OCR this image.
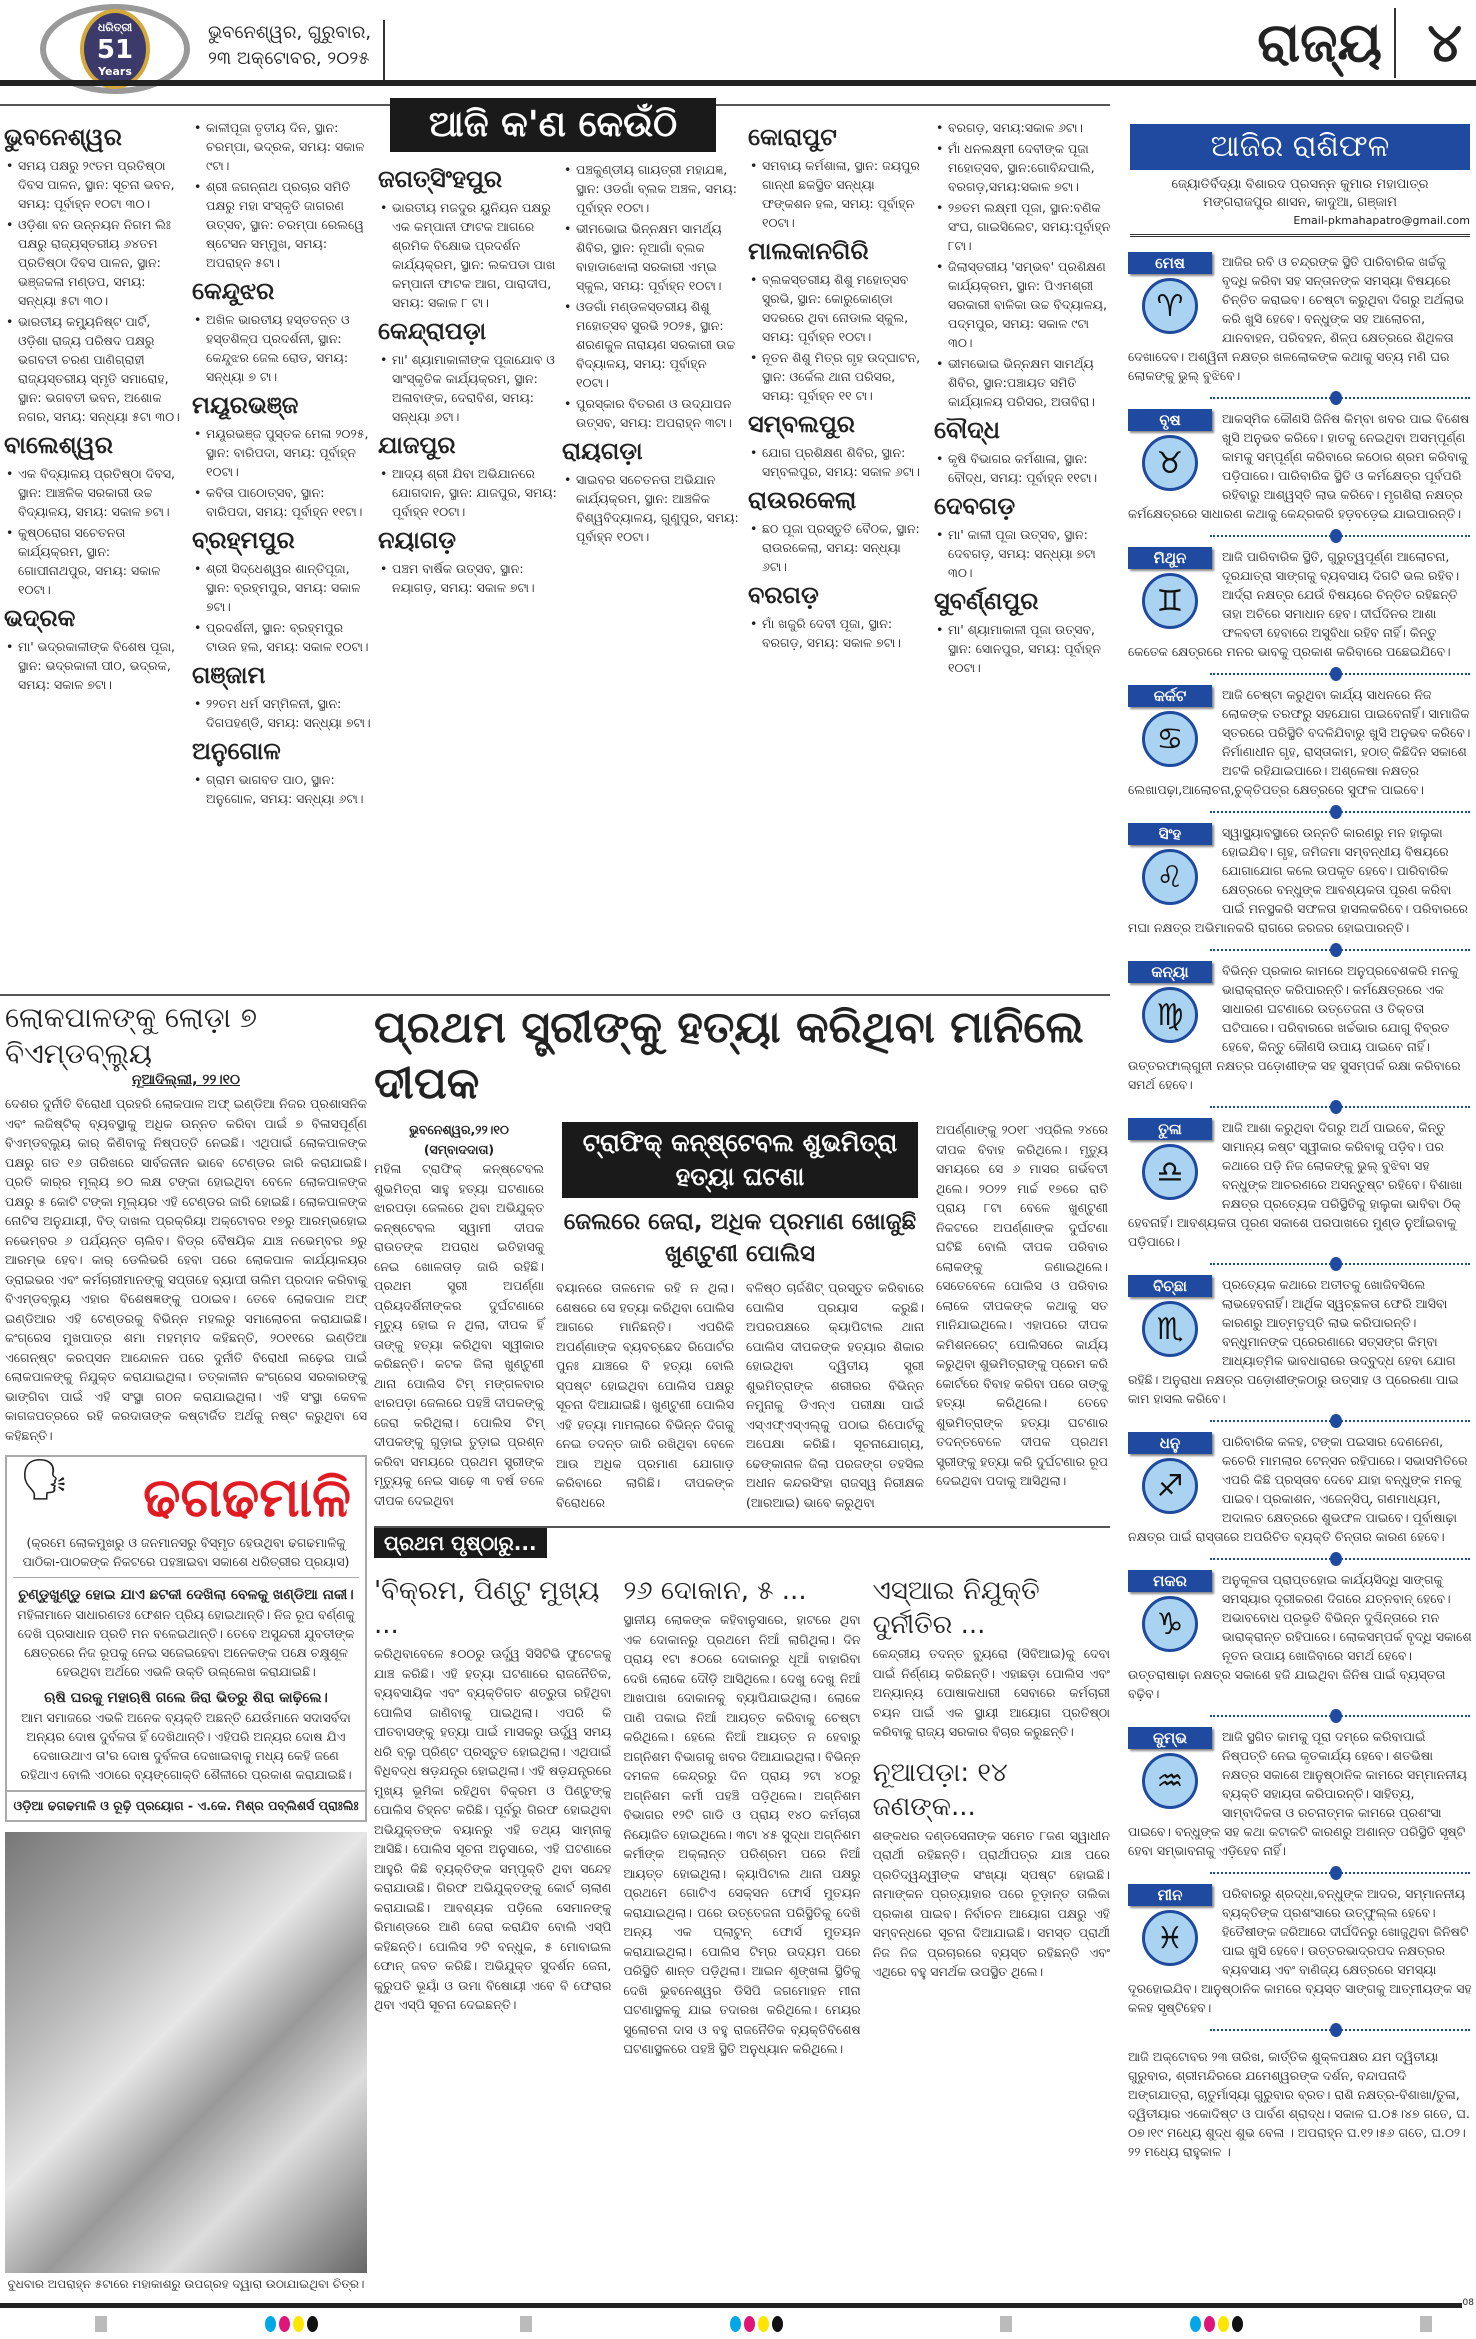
ଧରିତ୍ରୀ
51
Years
ଭୁବନେଶ୍ୱର, ଗୁରୁବାର,
୨୩ ଅକ୍ଟୋବର, ୨୦୨୫	ରାଜ୍ୟ ୪
ଆଜି କ'ଣ କେଉଁଠି
ଭୁବନେଶ୍ୱର
• ସମୟ ପକ୍ଷରୁ ୨୯ତମ ପ୍ରତିଷ୍ଠା ଦିବସ ପାଳନ, ସ୍ଥାନ: ସୂଚନା ଭବନ, ସମୟ: ପୂର୍ବାହ୍ନ ୧୦ଟା ୩୦।
• ଓଡ଼ିଶା ବନ ଉନ୍ନୟନ ନିଗମ ଲିଃ ପକ୍ଷରୁ ରାଜ୍ୟସ୍ତରୀୟ ୬୪ତମ ପ୍ରତିଷ୍ଠା ଦିବସ ପାଳନ, ସ୍ଥାନ: ଭଞ୍ଜକଳା ମଣ୍ଡପ, ସମୟ: ସନ୍ଧ୍ୟା ୫ଟା ୩୦।
• ଭାରତୀୟ କମ୍ୟୁନିଷ୍ଟ ପାର୍ଟି, ଓଡ଼ିଶା ରାଜ୍ୟ ପରିଷଦ ପକ୍ଷରୁ ଭଗବତୀ ଚରଣ ପାଣିଗ୍ରାହୀ ରାଜ୍ୟସ୍ତରୀୟ ସ୍ମୃତି ସମାରୋହ, ସ୍ଥାନ: ଭଗବତୀ ଭବନ, ଅଶୋକ ନଗର, ସମୟ: ସନ୍ଧ୍ୟା ୫ଟା ୩୦।
ବାଲେଶ୍ୱର
• ଏକ ବିଦ୍ୟାଳୟ ପ୍ରତିଷ୍ଠା ଦିବସ, ସ୍ଥାନ: ଆଞ୍ଚଳିକ ସରକାରୀ ଉଚ୍ଚ ବିଦ୍ୟାଳୟ, ସମୟ: ସକାଳ ୭ଟା।
• କୁଷ୍ଠରୋଗ ସଚେତନତା କାର୍ଯ୍ୟକ୍ରମ, ସ୍ଥାନ: ଗୋପୀନାଥପୁର, ସମୟ: ସକାଳ ୧୦ଟା।
ଭଦ୍ରକ
• ମା' ଭଦ୍ରକାଳୀଙ୍କ ବିଶେଷ ପୂଜା, ସ୍ଥାନ: ଭଦ୍ରକାଳୀ ପୀଠ, ଭଦ୍ରକ, ସମୟ: ସକାଳ ୭ଟା।
• କାଳୀପୂଜା ତୃତୀୟ ଦିନ, ସ୍ଥାନ: ଚରମ୍ପା, ଭଦ୍ରକ, ସମୟ: ସକାଳ ୯ଟା।
• ଶ୍ରୀ ଜଗନ୍ନାଥ ପ୍ରଚାର ସମିତି ପକ୍ଷରୁ ମହା ସଂସ୍କୃତି ଜାଗରଣ ଉତ୍ସବ, ସ୍ଥାନ: ଚରମ୍ପା ରେଲୱେ ଷ୍ଟେସନ ସମ୍ମୁଖ, ସମୟ: ଅପରାହ୍ନ ୫ଟା।
କେନ୍ଦୁଝର
• ଅଖିଳ ଭାରତୀୟ ହସ୍ତତନ୍ତ ଓ ହସ୍ତଶିଳ୍ପ ପ୍ରଦର୍ଶନୀ, ସ୍ଥାନ: କେନ୍ଦୁଝର ଜେଲ ରୋଡ, ସମୟ: ସନ୍ଧ୍ୟା ୭ ଟା।
ମୟୂରଭଞ୍ଜ
• ମୟୂରଭଞ୍ଜ ପୁସ୍ତକ ମେଳା ୨୦୨୫, ସ୍ଥାନ: ବାରିପଦା, ସମୟ: ପୂର୍ବାହ୍ନ ୧୦ଟା।
• କବିତା ପାଠୋତ୍ସବ, ସ୍ଥାନ: ବାରିପଦା, ସମୟ: ପୂର୍ବାହ୍ନ ୧୧ଟା।
ବ୍ରହ୍ମପୁର
• ଶ୍ରୀ ସିଦ୍ଧେଶ୍ୱର ଶାନ୍ତିପୂଜା, ସ୍ଥାନ: ବ୍ରହ୍ମପୁର, ସମୟ: ସକାଳ ୭ଟା।
• ପ୍ରଦର୍ଶନୀ, ସ୍ଥାନ: ବ୍ରହ୍ମପୁର ଟାଉନ ହଲ, ସମୟ: ସକାଳ ୧୦ଟା।
ଗଞ୍ଜାମ
• ୨୨ତମ ଧର୍ମ ସମ୍ମିଳନୀ, ସ୍ଥାନ: ଦିଗପହଣ୍ଡି, ସମୟ: ସନ୍ଧ୍ୟା ୭ଟା।
ଅନୁଗୋଳ
• ଗ୍ରାମ ଭାଗବତ ପାଠ, ସ୍ଥାନ: ଅନୁଗୋଳ, ସମୟ: ସନ୍ଧ୍ୟା ୬ଟା।
ଜଗତ୍‌ସିଂହପୁର
• ଭାରତୀୟ ମଜଦୁର ୟୁନିୟନ ପକ୍ଷରୁ ଏକ କମ୍ପାନୀ ଫାଟକ ଆଗରେ ଶ୍ରମିକ ବିକ୍ଷୋଭ ପ୍ରଦର୍ଶନ କାର୍ଯ୍ୟକ୍ରମ, ସ୍ଥାନ: ଲକପଡା ପାଖ କମ୍ପାନୀ ଫାଟକ ଆଗ, ପାରାଦୀପ, ସମୟ: ସକାଳ ୮ ଟା।
କେନ୍ଦ୍ରାପଡ଼ା
• ମା' ଶ୍ୟାମାକାଳୀଙ୍କ ପୂଜାଯୋବ ଓ ସାଂସ୍କୃତିକ କାର୍ଯ୍ୟକ୍ରମ, ସ୍ଥାନ: ଅଳାବାଙ୍କ, ଦେରାବିଶ, ସମୟ: ସନ୍ଧ୍ୟା ୬ଟା।
ଯାଜପୁର
• ଆଦ୍ୟ ଶ୍ରୀ ଯିବା ଅଭିଯାନରେ ଯୋଗଦାନ, ସ୍ଥାନ: ଯାଜପୁର, ସମୟ: ପୂର୍ବାହ୍ନ ୧୦ଟା।
ନୟାଗଡ଼
• ପଞ୍ଚମ ବାର୍ଷିକ ଉତ୍ସବ, ସ୍ଥାନ: ନୟାଗଡ଼, ସମୟ: ସକାଳ ୭ଟା।
• ପଞ୍ଚକୁଣ୍ଡୀୟ ଗାୟତ୍ରୀ ମହାଯଜ୍ଞ, ସ୍ଥାନ: ଓଡଗାଁ ବ୍ଲକ ଅଞ୍ଚଳ, ସମୟ: ପୂର୍ବାହ୍ନ ୧୦ଟା।
• ଭୀମଭୋଇ ଭିନ୍ନକ୍ଷମ ସାମର୍ଥ୍ୟ ଶିବିର, ସ୍ଥାନ: ନୂଆଗାଁ ବ୍ଲକ ବାହାଡାଝୋଲା ସରକାରୀ ଏମ୍ଇ ସ୍କୁଲ, ସମୟ: ପୂର୍ବାହ୍ନ ୧୦ଟା।
• ଓଡଗାଁ ମଣ୍ଡଳସ୍ତରୀୟ ଶିଶୁ ମହୋତ୍ସବ ସୁରଭି ୨୦୨୫, ସ୍ଥାନ: ଶରଣକୁଳ ନାରାୟଣ ସରକାରୀ ଉଚ୍ଚ ବିଦ୍ୟାଳୟ, ସମୟ: ପୂର୍ବାହ୍ନ ୧୦ଟା।
• ପୁରସ୍କାର ବିତରଣ ଓ ଉଦ୍‌ଯାପନ ଉତ୍ସବ, ସମୟ: ଅପରାହ୍ନ ୩ଟା।
ରାୟଗଡ଼ା
• ସାଇବର ସଚେତନତା ଅଭିଯାନ କାର୍ଯ୍ୟକ୍ରମ, ସ୍ଥାନ: ଆଞ୍ଚଳିକ ବିଶ୍ୱବିଦ୍ୟାଳୟ, ଗୁଣୁପୁର, ସମୟ: ପୂର୍ବାହ୍ନ ୧୦ଟା।
କୋରାପୁଟ
• ସମବାୟ କର୍ମଶାଳା, ସ୍ଥାନ: ଜୟପୁର ଗାନ୍ଧୀ ଛକସ୍ଥିତ ସନ୍ଧ୍ୟା ଫଙ୍କଶନ ହଲ, ସମୟ: ପୂର୍ବାହ୍ନ ୧୦ଟା।
ମାଲକାନଗିରି
• ବ୍ଲକସ୍ତରୀୟ ଶିଶୁ ମହୋତ୍ସବ ସୁରଭି, ସ୍ଥାନ: କୋରୁକୋଣ୍ଡା ସଦରରେ ଥିବା ନୋଡାଲ ସ୍କୁଲ, ସମୟ: ପୂର୍ବାହ୍ନ ୧୦ଟା।
• ନୂତନ ଶିଶୁ ମିତ୍ର ଗୃହ ଉଦ୍‌ଘାଟନ, ସ୍ଥାନ: ଓର୍କେଲ ଥାନା ପରିସର, ସମୟ: ପୂର୍ବାହ୍ନ ୧୧ ଟା।
ସମ୍ବଲପୁର
• ଯୋଗ ପ୍ରଶିକ୍ଷଣ ଶିବିର, ସ୍ଥାନ: ସମ୍ବଲପୁର, ସମୟ: ସକାଳ ୬ଟା।
ରାଉରକେଲା
• ଛଠ ପୂଜା ପ୍ରସ୍ତୁତି ବୈଠକ, ସ୍ଥାନ: ରାଉରକେଲା, ସମୟ: ସନ୍ଧ୍ୟା ୬ଟା।
ବରଗଡ଼
• ମାଁ ଖଜୁରି ଦେବୀ ପୂଜା, ସ୍ଥାନ: ବରଗଡ଼, ସମୟ: ସକାଳ ୭ଟା।
• ବରଗଡ଼, ସମୟ:ସକାଳ ୬ଟା।
• ମାଁ ଧନଲକ୍ଷ୍ମୀ ଦେବୀଙ୍କ ପୂଜା ମହୋତ୍ସବ, ସ୍ଥାନ:ଗୋବିନ୍ଦପାଲି, ବରଗଡ଼,ସମୟ:ସକାଳ ୭ଟା।
• ୨୭ତମ ଲକ୍ଷ୍ମୀ ପୂଜା, ସ୍ଥାନ:ବଣିକ ସଂଘ, ଗାଇସିଲେଟ, ସମୟ:ପୂର୍ବାହ୍ନ ୮ଟା।
• ଜିଲାସ୍ତରୀୟ 'ସମ୍ଭବ' ପ୍ରଶିକ୍ଷଣ କାର୍ଯ୍ୟକ୍ରମ, ସ୍ଥାନ: ପିଏମଶ୍ରୀ ସରକାରୀ ବାଳିକା ଉଚ୍ଚ ବିଦ୍ୟାଳୟ, ପଦ୍ମପୁର, ସମୟ: ସକାଳ ୯ଟା ୩୦।
• ଭୀମଭୋଇ ଭିନ୍ନକ୍ଷମ ସାମର୍ଥ୍ୟ ଶିବିର, ସ୍ଥାନ:ପଞ୍ଚାୟତ ସମିତି କାର୍ଯ୍ୟାଳୟ ପରିସର, ଅତାବିରା।
ବୌଦ୍ଧ
• କୃଷି ବିଭାଗର କର୍ମଶାଳା, ସ୍ଥାନ: ବୌଦ୍ଧ, ସମୟ: ପୂର୍ବାହ୍ନ ୧୧ଟା।
ଦେବଗଡ଼
• ମା' କାଳୀ ପୂଜା ଉତ୍ସବ, ସ୍ଥାନ: ଦେବଗଡ଼, ସମୟ: ସନ୍ଧ୍ୟା ୭ଟା ୩୦।
ସୁବର୍ଣ୍ଣପୁର
• ମା' ଶ୍ୟାମାକାଳୀ ପୂଜା ଉତ୍ସବ, ସ୍ଥାନ: ସୋନପୁର, ସମୟ: ପୂର୍ବାହ୍ନ ୧୦ଟା।
ଆଜିର ରାଶିଫଳ
ଜ୍ୟୋତିର୍ବିଦ୍ୟା ବିଶାରଦ ପ୍ରସନ୍ନ କୁମାର ମହାପାତ୍ର
ମଙ୍ଗରାଜପୁର ଶାସନ, କାଦୁଆ, ଗଞ୍ଜାମ
Email-pkmahapatro@gmail.com
ମେଷ
♈
ଆଜିର ରବି ଓ ଚନ୍ଦ୍ରଙ୍କ ସ୍ଥିତି ପାରିବାରିକ ଖର୍ଚ୍ଚକୁ ବୃଦ୍ଧି କରିବା ସହ ସନ୍ତାନଙ୍କ ସମସ୍ୟା ବିଷୟରେ ଚିନ୍ତିତ କରାଇବ। ଚେଷ୍ଟା କରୁଥିବା ଦିଗରୁ ଅର୍ଥଲାଭ କରି ଖୁସି ହେବେ। ବନ୍ଧୁଙ୍କ ସହ ଆଲୋଚନା, ଯାନବାହନ, ପରିବହନ, ଶିଳ୍ପ କ୍ଷେତ୍ରରେ ଶିଥିଳତା ଦେଖାଦେବ। ଅଶ୍ୱିନୀ ନକ୍ଷତ୍ର ଖଳଲୋକଙ୍କ କଥାକୁ ସତ୍ୟ ମଣି ଘର ଲୋକଙ୍କୁ ଭୁଲ୍ ବୁଝିବେ।
ବୃଷ
♉
ଆକସ୍ମିକ କୌଣସି ଜିନିଷ କିମ୍ବା ଖବର ପାଇ ବିଶେଷ ଖୁସି ଅନୁଭବ କରିବେ। ହାତକୁ ନେଇଥିବା ଅସମ୍ପୂର୍ଣ୍ଣ କାମକୁ ସମ୍ପୂର୍ଣ୍ଣ କରିବାରେ କଠୋର ଶ୍ରମ କରିବାକୁ ପଡ଼ିପାରେ। ପାରିବାରିକ ସ୍ଥିତି ଓ କର୍ମକ୍ଷେତ୍ର ପୂର୍ବପରି ରହିବାରୁ ଆଶ୍ୱସ୍ତି ଲାଭ କରିବେ। ମୃଗଶିରା ନକ୍ଷତ୍ର କର୍ମକ୍ଷେତ୍ରରେ ସାଧାରଣ କଥାକୁ କେନ୍ଦ୍ରକରି ହଡ଼ବଡ଼େଇ ଯାଇପାରନ୍ତି।
ମିଥୁନ
♊
ଆଜି ପାରିବାରିକ ସ୍ଥିତି, ଗୁରୁତ୍ୱପୂର୍ଣ୍ଣ ଆଲୋଚନା, ଦୂରଯାତ୍ରା ସାଙ୍ଗକୁ ବ୍ୟବସାୟ ଦିଗଟି ଭଲ ରହିବ। ଆର୍ଦ୍ରା ନକ୍ଷତ୍ର ଯେଉଁ ବିଷୟରେ ଚିନ୍ତିତ ରହିଛନ୍ତି ତାହା ଅଚିରେ ସମାଧାନ ହେବ। ଦୀର୍ଘଦିନର ଆଶା ଫଳବତୀ ହେବାରେ ଅସୁବିଧା ରହିବ ନାହିଁ। କିନ୍ତୁ କେତେକ କ୍ଷେତ୍ରରେ ମନର ଭାବକୁ ପ୍ରକାଶ କରିବାରେ ପଛେଇଯିବେ।
କର୍କଟ
♋
ଆଜି ଚେଷ୍ଟା କରୁଥିବା କାର୍ଯ୍ୟ ସାଧନରେ ନିଜ ଲୋକଙ୍କ ତରଫରୁ ସହଯୋଗ ପାଇବେନାହିଁ। ସାମାଜିକ ସ୍ତରରେ ପରିସ୍ଥିତି ବଦଳିଯିବାରୁ ଖୁସି ଅନୁଭବ କରିବେ। ନିର୍ମାଣାଧୀନ ଗୃହ, ରାସ୍ତାକାମ, ହଠାତ୍ କିଛିଦିନ ସକାଶେ ଅଟକି ରହିଯାଇପାରେ। ଅଶ୍ଳେଷା ନକ୍ଷତ୍ର ଲେଖାପଢ଼ା,ଆଲୋଚନା,ଚୁକ୍ତିପତ୍ର କ୍ଷେତ୍ରରେ ସୁଫଳ ପାଇବେ।
ସିଂହ
♌
ସ୍ୱାସ୍ଥ୍ୟାବସ୍ଥାରେ ଉନ୍ନତି କାରଣରୁ ମନ ହାଲୁକା ହୋଇଯିବ। ଗୃହ, ଜମିଜମା ସମ୍ବନ୍ଧୀୟ ବିଷୟରେ ଯୋଗାଯୋଗ କଲେ ଉପକୃତ ହେବେ। ପାରିବାରିକ କ୍ଷେତ୍ରରେ ବନ୍ଧୁଙ୍କ ଆବଶ୍ୟକତା ପୂରଣ କରିବା ପାଇଁ ମନସ୍ଥକରି ସଫଳତା ହାସଲକରିବେ। ପରିବାରରେ ମଘା ନକ୍ଷତ୍ର ଅଭିମାନକରି ରାଗରେ ଜରଜର ହୋଇପାରନ୍ତି।
କନ୍ୟା
♍
ବିଭିନ୍ନ ପ୍ରକାର କାମରେ ଅନୁପ୍ରବେଶକରି ମନକୁ ଭାରାକ୍ରାନ୍ତ କରିପାରନ୍ତି। କର୍ମକ୍ଷେତ୍ରରେ ଏକ ସାଧାରଣ ଘଟଣାରେ ଉତ୍ତେଜନା ଓ ତିକ୍ତତା ଘଟିପାରେ। ପରିବାରରେ ଖର୍ଚ୍ଚଭାର ଯୋଗୁ ବିବ୍ରତ ହେବେ, କିନ୍ତୁ କୌଣସି ଉପାୟ ପାଇବେ ନାହିଁ। ଉତ୍ତରଫାଲ୍‌ଗୁନୀ ନକ୍ଷତ୍ର ପଡ଼ୋଶୀଙ୍କ ସହ ସୁସମ୍ପର୍କ ରକ୍ଷା କରିବାରେ ସମର୍ଥ ହେବେ।
ତୁଳା
♎
ଆଜି ଆଶା କରୁଥିବା ଦିଗରୁ ଅର୍ଥ ପାଇବେ, କିନ୍ତୁ ସାମାନ୍ୟ କଷ୍ଟ ସ୍ୱୀକାର କରିବାକୁ ପଡ଼ିବ। ପର କଥାରେ ପଡ଼ି ନିଜ ଲୋକଙ୍କୁ ଭୁଲ୍ ବୁଝିବା ସହ ବନ୍ଧୁଙ୍କ ଆଚରଣରେ ଅସନ୍ତୁଷ୍ଟ ରହିବେ। ବିଶାଖା ନକ୍ଷତ୍ର ପ୍ରତ୍ୟେକ ପରିସ୍ଥିତିକୁ ହାଲୁକା ଭାବିବା ଠିକ୍ ହେବନାହିଁ। ଆବଶ୍ୟକତା ପୂରଣ ସକାଶେ ପରପାଖରେ ମୁଣ୍ଡ ନୁଆଁଇବାକୁ ପଡ଼ିପାରେ।
ବିଚ୍ଛା
♏
ପ୍ରତ୍ୟେକ କଥାରେ ଅତୀତକୁ ଖୋଜିବସିଲେ ଲାଭହେବନାହିଁ। ଆର୍ଥିକ ସ୍ୱଚ୍ଛଳତା ଫେରି ଆସିବା କାରଣରୁ ଆତ୍ମତୃପ୍ତି ଲାଭ କରିପାରନ୍ତି। ବନ୍ଧୁମାନଙ୍କ ପ୍ରେରଣାରେ ସତ୍‌ସଙ୍ଗ କିମ୍ବା ଆଧ୍ୟାତ୍ମିକ ଭାବଧାରାରେ ଉଦ୍‌ବୁଦ୍ଧ ହେବା ଯୋଗ ରହିଛି। ଅନୁରାଧା ନକ୍ଷତ୍ର ପଡ଼ୋଶୀଙ୍କଠାରୁ ଉତ୍ସାହ ଓ ପ୍ରେରଣା ପାଇ କାମ ହାସଲ କରିବେ।
ଧନୁ
♐
ପାରିବାରିକ କଳହ, ଟଙ୍କା ପଇସାର ଦେଣନେଣ, କଚେରି ମାମଲାର ଟେନ୍‌ସନ ରହିପାରେ। ସଭାସମିତିରେ ଏପରି କିଛି ପ୍ରସ୍ତାବ ଦେବେ ଯାହା ବନ୍ଧୁଙ୍କ ମନକୁ ପାଇବ। ପ୍ରକାଶନ, ଏଜେନ୍ସିପ୍, ଗଣମାଧ୍ୟମ, ଅଦାଲତ କ୍ଷେତ୍ରରେ ଶୁଭଫଳ ପାଇବେ। ପୂର୍ବାଷାଢ଼ା ନକ୍ଷତ୍ର ପାଇଁ ରାସ୍ତାରେ ଅପରିଚିତ ବ୍ୟକ୍ତି ଚିନ୍ତାର କାରଣ ହେବେ।
ମକର
♑
ଅନୁକୂଳତା ପ୍ରାପ୍ତହୋଇ କାର୍ଯ୍ୟସିଦ୍ଧି ସାଙ୍ଗକୁ ସମସ୍ୟାର ଦୂରୀକରଣ ଦିଗରେ ଯତ୍ନବାନ୍ ହେବେ। ଅଭାବବୋଧ ପ୍ରଭୃତି ବିଭିନ୍ନ ଦୁଶ୍ଚିନ୍ତାରେ ମନ ଭାରାକ୍ରାନ୍ତ ରହିପାରେ। ଲୋକସମ୍ପର୍କ ବୃଦ୍ଧି ସକାଶେ ନୂତନ ଉପାୟ ଖୋଜିବାରେ ସମର୍ଥ ହେବେ। ଉତ୍ତରାଷାଢ଼ା ନକ୍ଷତ୍ର ସକାଶେ ହଜି ଯାଇଥିବା ଜିନିଷ ପାଇଁ ବ୍ୟସ୍ତତା ବଢ଼ିବ।
କୁମ୍ଭ
♒
ଆଜି ସ୍ଥଗିତ କାମକୁ ପୂରା ଦମ୍‌ରେ କରିବାପାଇଁ ନିଷ୍ପତ୍ତି ନେଇ କୃତକାର୍ଯ୍ୟ ହେବେ। ଶତଭିଷା ନକ୍ଷତ୍ର ସକାଶେ ଆନୁଷ୍ଠାନିକ କାମରେ ସମ୍ମାନନୀୟ ବ୍ୟକ୍ତି ସହାୟତା କରିପାରନ୍ତି। ସାହିତ୍ୟ, ସାମ୍ବାଦିକତା ଓ ରଚନାତ୍ମକ କାମରେ ପ୍ରଶଂସା ପାଇବେ। ବନ୍ଧୁଙ୍କ ସହ କଥା କଟାକଟି କାରଣରୁ ଅଶାନ୍ତ ପରିସ୍ଥିତି ସୃଷ୍ଟି ହେବା ସମ୍ଭାବନାକୁ ଏଡ଼ିହେବ ନାହିଁ।
ମୀନ
♓
ପରିବାରରୁ ଶ୍ରଦ୍ଧା,ବନ୍ଧୁଙ୍କ ଆଦର, ସମ୍ମାନନୀୟ ବ୍ୟକ୍ତିଙ୍କ ପ୍ରଶଂସାରେ ଉତ୍‌ଫୁଲ୍ଲ ହେବେ। ହିତୈଷୀଙ୍କ ଜରିଆରେ ଦୀର୍ଘଦିନରୁ ଖୋଜୁଥିବା ଜିନିଷଟି ପାଇ ଖୁସି ହେବେ। ଉତ୍ତରଭାଦ୍ରପଦ ନକ୍ଷତ୍ରର ବ୍ୟବସାୟ ଏବଂ ବାଣିଜ୍ୟ କ୍ଷେତ୍ରରେ ସମସ୍ୟା ଦୂରହୋଇଯିବ। ଆନୁଷ୍ଠାନିକ କାମରେ ବ୍ୟସ୍ତ ସାଙ୍ଗକୁ ଆତ୍ମୀୟଙ୍କ ସହ କଳହ ସୃଷ୍ଟିହେବ।
ଆଜି ଅକ୍ଟୋବର ୨୩ ତାରିଖ, କାର୍ତ୍ତିକ ଶୁକ୍ଳପକ୍ଷର ଯମ ଦ୍ୱିତୀୟା ଗୁରୁବାର, ଶ୍ରୀମନ୍ଦିରରେ ଯମେଶ୍ୱରଙ୍କ ଦର୍ଶନ, ବନ୍ଦାପନାଦି ଅଙ୍ଗଯାତ୍ରା, ଚାତୁର୍ମାସ୍ୟା ଗୁରୁବାର ବ୍ରତ। ରାଶି ନକ୍ଷତ୍ର-ବିଶାଖା/ତୁଳା, ଦ୍ୱିତୀୟାର ଏକୋଦିଷ୍ଟ ଓ ପାର୍ବଣ ଶ୍ରାଦ୍ଧ। ସକାଳ ଘ.୦୫।୪୭ ଗତେ, ଘ. ୦୭।୧୯ ମଧ୍ୟେ ଶୁଦ୍ଧ ଶୁଭ ବେଳା । ଅପରାହ୍ନ ଘ.୧୨।୫୬ ଗତେ, ଘ.୦୨।୨୨ ମଧ୍ୟେ ରାହୁକାଳ ।
ଲୋକପାଳଙ୍କୁ ଲୋଡ଼ା ୭ ବିଏମ୍‌ଡବ୍ଲ୍ୟୁ
ନୂଆଦିଲ୍ଲୀ, ୨୨।୧୦

ଦେଶର ଦୁର୍ନୀତି ବିରୋଧୀ ପ୍ରହରି ଲୋକପାଳ ଅଫ୍ ଇଣ୍ଡିଆ ନିଜର ପ୍ରଶାସନିକ ଏବଂ ଲଜିଷ୍ଟିକ୍ ବ୍ୟବସ୍ଥାକୁ ଅଧିକ ଉନ୍ନତ କରିବା ପାଇଁ ୭ ବିଳାସପୂର୍ଣ୍ଣ ବିଏମ୍‌ଡବ୍ଲ୍ୟୁ କାର୍ କିଣିବାକୁ ନିଷ୍ପତ୍ତି ନେଇଛି। ଏଥିପାଇଁ ଲୋକପାଳଙ୍କ ପକ୍ଷରୁ ଗତ ୧୬ ତାରିଖରେ ସାର୍ବଜନୀନ ଭାବେ ଟେଣ୍ଡର ଜାରି କରାଯାଇଛି। ପ୍ରତି କାର୍‌ର ମୂଲ୍ୟ ୭୦ ଲକ୍ଷ ଟଙ୍କା ହୋଇଥିବା ବେଳେ ଲୋକପାଳଙ୍କ ପକ୍ଷରୁ ୫ କୋଟି ଟଙ୍କା ମୂଲ୍ୟର ଏହି ଟେଣ୍ଡର ଜାରି ହୋଇଛି। ଲୋକପାଳଙ୍କ ନୋଟିସ ଅନୁଯାୟୀ, ବିଡ୍ ଦାଖଲ ପ୍ରକ୍ରିୟା ଅକ୍ଟୋବର ୧୭ରୁ ଆରମ୍ଭହୋଇ ନଭେମ୍ବର ୬ ପର୍ଯ୍ୟନ୍ତ ଚାଲିବ। ବିଡ୍‌ର ବୈଷୟିକ ଯାଞ୍ଚ ନଭେମ୍ବର ୭ରୁ ଆରମ୍ଭ ହେବ। କାର୍ ଡେଲିଭରି ହେବା ପରେ ଲୋକପାଳ କାର୍ଯ୍ୟାଳୟର ଡ୍ରାଇଭର ଏବଂ କର୍ମଚାରୀମାନଙ୍କୁ ସପ୍ତାହେ ବ୍ୟାପୀ ତାଲିମ ପ୍ରଦାନ କରିବାକୁ ବିଏମ୍‌ଡବ୍ଲ୍ୟୁ ଏହାର ବିଶେଷଜ୍ଞଙ୍କୁ ପଠାଇବ। ତେବେ ଲୋକପାଳ ଅଫ୍ ଇଣ୍ଡିଆର ଏହି ଟେଣ୍ଡରକୁ ବିଭିନ୍ନ ମହଲରୁ ସମାଲୋଚନା କରାଯାଇଛି। କଂଗ୍ରେସ ମୁଖପାତ୍ର ଶମା ମହମ୍ମଦ କହିଛନ୍ତି, ୨୦୧୧ରେ ଇଣ୍ଡିଆ ଏଗେନ୍‌ଷ୍ଟ କରପ୍ସନ ଆନ୍ଦୋଳନ ପରେ ଦୁର୍ନୀତି ବିରୋଧୀ ଲଢ଼େଇ ପାଇଁ ଲୋକପାଳଙ୍କୁ ନିଯୁକ୍ତ କରାଯାଇଥିଲା। ତତ୍କାଳୀନ କଂଗ୍ରେସ ସରକାରଙ୍କୁ ଭାଙ୍ଗିବା ପାଇଁ ଏହି ସଂସ୍ଥା ଗଠନ କରାଯାଇଥିଲା। ଏହି ସଂସ୍ଥା କେବଳ କାଗଜପତ୍ରରେ ରହି କରଦାତାଙ୍କ କଷ୍ଟାର୍ଜିତ ଅର୍ଥକୁ ନଷ୍ଟ କରୁଥିବା ସେ କହିଛନ୍ତି।

🗣	ଢଗଢମାଳି
(କ୍ରମେ ଲୋକମୁଖରୁ ଓ ଜନମାନସରୁ ବିସ୍ମୃତ ହେଉଥିବା ଢଗଢମାଳିକୁ ପାଠିକା-ପାଠକଙ୍କ ନିକଟରେ ପହଞ୍ଚାଇବା ସକାଶେ ଧରିତ୍ରୀର ପ୍ରୟାସ)
ଚୁଣ୍ଡୁଖୁଣ୍ଡୁ ହୋଇ ଯାଏ ଛଟକୀ ଦେଖିଲା ବେଳକୁ ଖଣ୍ଡିଆ ନାକୀ।

ମହିଳାମାନେ ସାଧାରଣତଃ ଫେଶନ ପ୍ରିୟ ହୋଇଥାନ୍ତି। ନିଜ ରୂପ ବର୍ଣ୍ଣକୁ ଦେଖି ପ୍ରସାଧାନ ପ୍ରତି ମନ ବଳେଇଥାନ୍ତି। ତେବେ ଅସୁନ୍ଦରୀ ଯୁବତୀଙ୍କ କ୍ଷେତ୍ରରେ ନିଜ ରୂପକୁ ନେଇ ସଜେଇହେବା ଅନେକଙ୍କ ପକ୍ଷେ ଚକ୍ଷୁଶୂଳ ହେଉଥିବା ଅର୍ଥରେ ଏଭଳି ଉକ୍ତି ଉଲ୍ଲେଖ କରାଯାଇଛି।

ଋଷି ଘରକୁ ମହାଋଷି ଗଲେ ଜିରା ଭିତରୁ ଶିରା କାଢ଼ିଲେ।

ଆମ ସମାଜରେ ଏଭଳି ଅନେକ ବ୍ୟକ୍ତି ଅଛନ୍ତି ଯେଉଁମାନେ ସଦାସର୍ବଦା ଅନ୍ୟର ଦୋଷ ଦୁର୍ବଳତା ହିଁ ଦେଖିଥାନ୍ତି। ଏହିପରି ଅନ୍ୟର ଦୋଷ ଯିଏ ଦେଖାଉଥାଏ ତା'ର ଦୋଷ ଦୁର୍ବଳତା ଦେଖାଇବାକୁ ମଧ୍ୟ କେହି ଜଣେ ରହିଥାଏ ବୋଲି ଏଠାରେ ବ୍ୟଙ୍ଗୋକ୍ତି ଶୈଳୀରେ ପ୍ରକାଶ କରାଯାଇଛି।

ଓଡ଼ିଆ ଢଗଢମାଳି ଓ ରୂଢ଼ି ପ୍ରୟୋଗ - ଏ.କେ. ମିଶ୍ର ପବ୍ଲିଶର୍ସ ପ୍ରାଃଲିଃ
ବୁଧବାର ଅପରାହ୍ନ ୫ଟାରେ ମହାକାଶରୁ ଉପଗ୍ରହ ଦ୍ୱାରା ଉଠାଯାଇଥିବା ଚିତ୍ର।
ପ୍ରଥମ ସ୍ତ୍ରୀଙ୍କୁ ହତ୍ୟା କରିଥିବା ମାନିଲେ ଦୀପକ
ଭୁବନେଶ୍ୱର,୨୨।୧୦
(ସମ୍ବାଦଦାତା)

ମହିଳା ଟ୍ରାଫିକ୍ କନ୍‌ଷ୍ଟେବଲ ଶୁଭମିତ୍ରା ସାହୁ ହତ୍ୟା ଘଟଣାରେ ଝାରପଡ଼ା ଜେଲରେ ଥିବା ଅଭିଯୁକ୍ତ କନ୍‌ଷ୍ଟେବଲ ସ୍ୱାମୀ ଦୀପକ ରାଉତଙ୍କ ଅପରାଧ ଇତିହାସକୁ ନେଇ ଖୋଳତାଡ଼ ଜାରି ରହିଛି। ପ୍ରଥମ ସ୍ତ୍ରୀ ଅପର୍ଣ୍ଣା ପ୍ରିୟଦର୍ଶିନୀଙ୍କର ଦୁର୍ଘଟଣାରେ ମୃତ୍ୟୁ ହୋଇ ନ ଥିଲା, ଦୀପକ ହିଁ ତାଙ୍କୁ ହତ୍ୟା କରିଥିବା ସ୍ୱୀକାର କରିଛନ୍ତି। କଟକ ଜିଲା ଖୁଣ୍ଟୁଣୀ ଥାନା ପୋଲିସ ଟିମ୍ ମଙ୍ଗଳବାର ଝାରପଡ଼ା ଜେଲରେ ପହଞ୍ଚି ଦୀପକଙ୍କୁ ଜେରା କରିଥିଲା। ପୋଲିସ ଟିମ୍ ଦୀପକଙ୍କୁ ଗୁଡ଼ାଇ ତୁଡ଼ାଇ ପ୍ରଶ୍ନ କରିବା ସମୟରେ ପ୍ରଥମ ସ୍ତ୍ରୀଙ୍କ ମୃତ୍ୟୁକୁ ନେଇ ସାଢ଼େ ୩ ବର୍ଷ ତଳେ ଦୀପକ ଦେଇଥିବା

ଟ୍ରାଫିକ୍ କନ୍‌ଷ୍ଟେବଲ ଶୁଭମିତ୍ରା ହତ୍ୟା ଘଟଣା
ଜେଲରେ ଜେରା, ଅଧିକ ପ୍ରମାଣ ଖୋଜୁଛି ଖୁଣ୍ଟୁଣୀ ପୋଲିସ

ବୟାନରେ ତାଳମେଳ ରହି ନ ଥିଲା। ଶେଷରେ ସେ ହତ୍ୟା କରିଥିବା ପୋଲିସ ଆଗରେ ମାନିଛନ୍ତି। ଏପରିକି ଅପର୍ଣ୍ଣାଙ୍କ ବ୍ୟବଚ୍ଛେଦ ରିପୋର୍ଟର ପୁନଃ ଯାଞ୍ଚରେ ବି ହତ୍ୟା ବୋଲି ସ୍ପଷ୍ଟ ହୋଇଥିବା ପୋଲିସ ପକ୍ଷରୁ ସୂଚନା ଦିଆଯାଇଛି। ଖୁଣ୍ଟୁଣୀ ପୋଲିସ ଏହି ହତ୍ୟା ମାମଲାରେ ବିଭିନ୍ନ ଦିଗକୁ ନେଇ ତଦନ୍ତ ଜାରି ରଖିଥିବା ବେଳେ ଆଉ ଅଧିକ ପ୍ରମାଣ ଯୋଗାଡ଼ କରିବାରେ ଲାଗିଛି। ଦୀପକଙ୍କ ବିରୋଧରେ

ବଳିଷ୍ଠ ଚାର୍ଜଶିଟ୍ ପ୍ରସ୍ତୁତ କରିବାରେ ପୋଲିସ ପ୍ରୟାସ କରୁଛି। ଅପରପକ୍ଷରେ କ୍ୟାପିଟାଲ ଥାନା ପୋଲିସ ଦୀପକଙ୍କ ହତ୍ୟାର ଶିକାର ହୋଇଥିବା ଦ୍ୱିତୀୟ ସ୍ତ୍ରୀ ଶୁଭମିତ୍ରାଙ୍କ ଶରୀରର ବିଭିନ୍ନ ନମୁନାକୁ ଡିଏନ୍ଏ ପରୀକ୍ଷା ପାଇଁ ଏସ୍ଏଫ୍ଏସ୍ଏଲ୍‌କୁ ପଠାଇ ରିପୋର୍ଟକୁ ଅପେକ୍ଷା କରିଛି। ସୂଚନାଯୋଗ୍ୟ, ଢେଙ୍କାନାଳ ଜିଲା ପରଜଙ୍ଗ ତହସିଲ ଅଧୀନ କନ୍ଦରସିଂହା ରାଜସ୍ୱ ନିରୀକ୍ଷକ (ଆରଆଇ) ଭାବେ କରୁଥିବା

ଅପର୍ଣ୍ଣାଙ୍କୁ ୨୦୧୮ ଏପ୍ରିଲ ୨୪ରେ ଦୀପକ ବିବାହ କରିଥିଲେ। ମୃତ୍ୟୁ ସମୟରେ ସେ ୬ ମାସର ଗର୍ଭବତୀ ଥିଲେ। ୨୦୨୨ ମାର୍ଚ୍ଚ ୧୭ରେ ରାତି ପ୍ରାୟ ୮ଟା ବେଳେ ଖୁଣ୍ଟୁଣୀ ନିକଟରେ ଅପର୍ଣ୍ଣାଙ୍କ ଦୁର୍ଘଟଣା ଘଟିଛି ବୋଲି ଦୀପକ ପରିବାର ଲୋକଙ୍କୁ ଜଣାଇଥିଲେ। ସେତେବେଳେ ପୋଲିସ ଓ ପରିବାର ଲୋକେ ଦୀପକଙ୍କ କଥାକୁ ସତ ମାନିଯାଇଥିଲେ। ଏହାପରେ ଦୀପକ କମିଶନରେଟ୍ ପୋଲିସରେ କାର୍ଯ୍ୟ କରୁଥିବା ଶୁଭମିତ୍ରାଙ୍କୁ ପ୍ରେମ କରି କୋର୍ଟରେ ବିବାହ କରିବା ପରେ ତାଙ୍କୁ ହତ୍ୟା କରିଥିଲେ। ତେବେ ଶୁଭମିତ୍ରାଙ୍କ ହତ୍ୟା ଘଟଣାର ତଦନ୍ତବେଳେ ଦୀପକ ପ୍ରଥମ ସ୍ତ୍ରୀଙ୍କୁ ହତ୍ୟା କରି ଦୁର୍ଘଟଣାର ରୂପ ଦେଇଥିବା ପଦାକୁ ଆସିଥିଲା।

ପ୍ରଥମ ପୃଷ୍ଠାରୁ...
'ବିକ୍ରମ, ପିଣ୍ଟୁ ମୁଖ୍ୟ ...

କରିଥିବାବେଳେ ୫୦୦ରୁ ଊର୍ଦ୍ଧ୍ୱ ସିସିଟିଭି ଫୁଟେଜକୁ ଯାଞ୍ଚ କରିଛି। ଏହି ହତ୍ୟା ଘଟଣାରେ ରାଜନୈତିକ, ବ୍ୟବସାୟିକ ଏବଂ ବ୍ୟକ୍ତିଗତ ଶତ୍ରୁତା ରହିଥିବା ପୋଲିସ ଜାଣିବାକୁ ପାଇଥିଲା। ଏପରି କି ପୀତବାସଙ୍କୁ ହତ୍ୟା ପାଇଁ ମାସକରୁ ଊର୍ଦ୍ଧ୍ୱ ସମୟ ଧରି ବ୍ଲୁ ପ୍ରିଣ୍ଟ ପ୍ରସ୍ତୁତ ହୋଇଥିଲା। ଏଥିପାଇଁ ବିଧିବଦ୍ଧ ଷଡ଼ଯନ୍ତ୍ର ହୋଇଥିଲା। ଏହି ଷଡ଼ଯନ୍ତ୍ରରେ ମୁଖ୍ୟ ଭୂମିକା ରହିଥିବା ବିକ୍ରମ ଓ ପିଣ୍ଟୁଙ୍କୁ ପୋଲିସ ଚିହ୍ନଟ କରିଛି। ପୂର୍ବରୁ ଗିରଫ ହୋଇଥିବା ଅଭିଯୁକ୍ତଙ୍କ ବୟାନରୁ ଏହି ତଥ୍ୟ ସାମ୍ନାକୁ ଆସିଛି। ପୋଲିସ ସୂଚନା ଅନୁସାରେ, ଏହି ଘଟଣାରେ ଆହୁରି କିଛି ବ୍ୟକ୍ତିଙ୍କ ସମ୍ପୃକ୍ତି ଥିବା ସନ୍ଦେହ କରାଯାଉଛି। ଗିରଫ ଅଭିଯୁକ୍ତଙ୍କୁ କୋର୍ଟ ଚାଲାଣ କରାଯାଇଛି। ଆବଶ୍ୟକ ପଡ଼ିଲେ ସେମାନଙ୍କୁ ରିମାଣ୍ଡରେ ଆଣି ଜେରା କରାଯିବ ବୋଲି ଏସ୍‌ପି କହିଛନ୍ତି। ପୋଲିସ ୨ଟି ବନ୍ଧୁକ, ୫ ମୋବାଇଲ ଫୋନ୍ ଜବତ କରିଛି। ଅଭିଯୁକ୍ତ ସୁଦର୍ଶନ ଜେନା, କୁରୁପତି ଭୂୟାଁ ଓ ଉମା ବିଷୋୟୀ ଏବେ ବି ଫେରାର ଥିବା ଏସ୍‌ପି ସୂଚନା ଦେଇଛନ୍ତି।

୨୬ ଦୋକାନ, ୫ ...

ସ୍ଥାନୀୟ ଲୋକଙ୍କ କହିବାନୁସାରେ, ହାଟରେ ଥିବା ଏକ ଦୋକାନରୁ ପ୍ରଥମେ ନିଆଁ ଲାଗିଥିଲା। ଦିନ ପ୍ରାୟ ୧ଟା ୫୦ରେ ଦୋକାନରୁ ଧୂଆଁ ବାହାରିବା ଦେଖି ଲୋକେ ଦୌଡ଼ି ଆସିଥିଲେ। ଦେଖୁ ଦେଖୁ ନିଆଁ ଆଖପାଖ ଦୋକାନକୁ ବ୍ୟାପିଯାଇଥିଲା। ଲୋକେ ପାଣି ପକାଇ ନିଆଁ ଆୟତ୍ତ କରିବାକୁ ଚେଷ୍ଟା କରିଥିଲେ। ହେଲେ ନିଆଁ ଆୟତ୍ତ ନ ହେବାରୁ ଅଗ୍ନିଶମ ବିଭାଗକୁ ଖବର ଦିଆଯାଇଥିଲା। ବିଭିନ୍ନ ଦମକଳ କେନ୍ଦ୍ରରୁ ଦିନ ପ୍ରାୟ ୨ଟା ୪୦ରୁ ଅଗ୍ନିଶମ କର୍ମୀ ପହଞ୍ଚି ପଡ଼ିଥିଲେ। ଅଗ୍ନିଶମ ବିଭାଗର ୧୨ଟି ଗାଡି ଓ ପ୍ରାୟ ୧୪୦ କର୍ମଚାରୀ ନିୟୋଜିତ ହୋଇଥିଲେ। ୩ଟା ୪୫ ସୁଦ୍ଧା ଅଗ୍ନିଶମ କର୍ମୀଙ୍କ ଅକ୍ଲାନ୍ତ ପରିଶ୍ରମ ପରେ ନିଆଁ ଆୟତ୍ତ ହୋଇଥିଲା। କ୍ୟାପିଟାଲ ଥାନା ପକ୍ଷରୁ ପ୍ରଥମେ ଗୋଟିଏ ସେକ୍ସନ ଫୋର୍ସ ମୁତୟନ କରାଯାଇଥିଲା। ପରେ ଉତ୍ତେଜନା ପରିସ୍ଥିତିକୁ ଦେଖି ଅନ୍ୟ ଏକ ପ୍ଲାଟୁନ୍ ଫୋର୍ସ ମୁତୟନ କରାଯାଇଥିଲା। ପୋଲିସ ଟିମ୍‌ର ଉଦ୍ୟମ ପରେ ପରିସ୍ଥିତି ଶାନ୍ତ ପଡ଼ିଥିଲା। ଆଇନ ଶୃଙ୍ଖଳା ସ୍ଥିତିକୁ ଦେଖି ଭୁବନେଶ୍ୱର ଡିସିପି ଜଗମୋହନ ମୀନା ଘଟଣାସ୍ଥଳକୁ ଯାଇ ତଦାରଖ କରିଥିଲେ। ମେୟର ସୁଲୋଚନା ଦାସ ଓ ବହୁ ରାଜନୈତିକ ବ୍ୟକ୍ତିବିଶେଷ ଘଟଣାସ୍ଥଳରେ ପହଞ୍ଚି ସ୍ଥିତି ଅନୁଧ୍ୟାନ କରିଥିଲେ।

ଏସ୍‌ଆଇ ନିଯୁକ୍ତି ଦୁର୍ନୀତିର ...

କେନ୍ଦ୍ରୀୟ ତଦନ୍ତ ବ୍ୟୁରୋ (ସିବିଆଇ)କୁ ଦେବା ପାଇଁ ନିର୍ଣ୍ଣୟ କରିଛନ୍ତି। ଏହାଛଡ଼ା ପୋଲିସ ଏବଂ ଅନ୍ୟାନ୍ୟ ପୋଷାକଧାରୀ ସେବାରେ କର୍ମଚାରୀ ଚୟନ ପାଇଁ ଏକ ସ୍ଥାୟୀ ଆୟୋଗ ପ୍ରତିଷ୍ଠା କରିବାକୁ ରାଜ୍ୟ ସରକାର ବିଚାର କରୁଛନ୍ତି।

ନୂଆପଡ଼ା: ୧୪ ଜଣଙ୍କ...

ଶଙ୍କଧର ଦଣ୍ଡସେନାଙ୍କ ସମେତ ୮ଜଣ ସ୍ୱାଧୀନ ପ୍ରାର୍ଥୀ ରହିଛନ୍ତି। ପ୍ରାର୍ଥୀପତ୍ର ଯାଞ୍ଚ ପରେ ପ୍ରତିଦ୍ୱନ୍ଦ୍ୱୀଙ୍କ ସଂଖ୍ୟା ସ୍ପଷ୍ଟ ହୋଇଛି। ନାମାଙ୍କନ ପ୍ରତ୍ୟାହାର ପରେ ଚୂଡ଼ାନ୍ତ ତାଲିକା ପ୍ରକାଶ ପାଇବ। ନିର୍ବାଚନ ଆୟୋଗ ପକ୍ଷରୁ ଏହି ସମ୍ବନ୍ଧରେ ସୂଚନା ଦିଆଯାଇଛି। ସମସ୍ତ ପ୍ରାର୍ଥୀ ନିଜ ନିଜ ପ୍ରଚାରରେ ବ୍ୟସ୍ତ ରହିଛନ୍ତି ଏବଂ ଏଥିରେ ବହୁ ସମର୍ଥକ ଉପସ୍ଥିତ ଥିଲେ।

08
